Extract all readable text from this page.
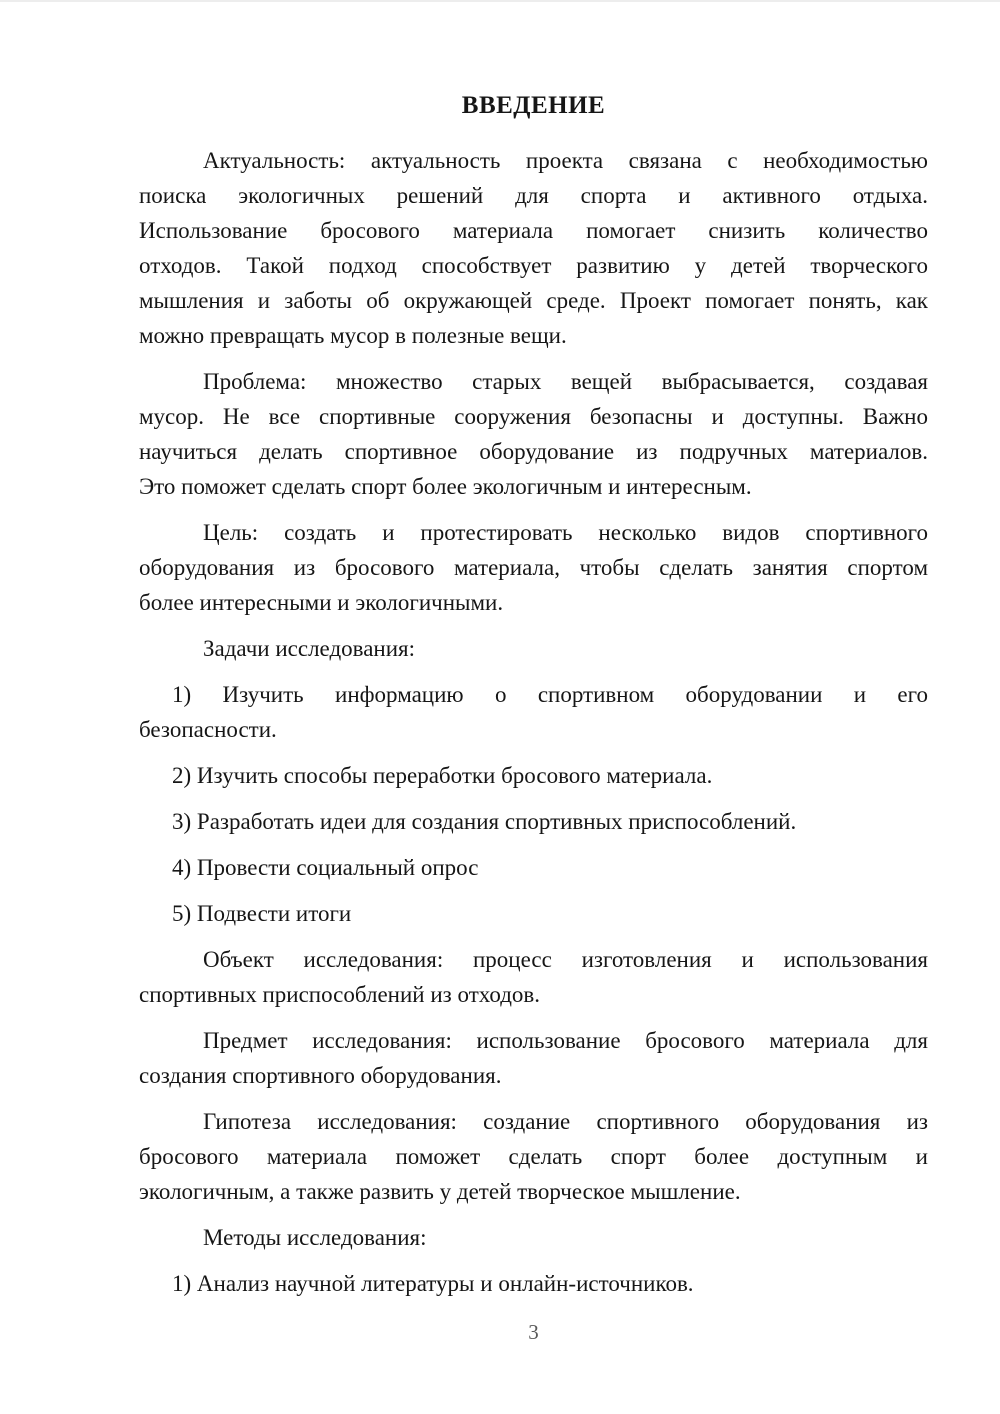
ВВЕДЕНИЕ
Актуальность: актуальность проекта связана с необходимостью
поиска экологичных решений для спорта и активного отдыха.
Использование бросового материала помогает снизить количество
отходов. Такой подход способствует развитию у детей творческого
мышления и заботы об окружающей среде. Проект помогает понять, как
можно превращать мусор в полезные вещи.
Проблема: множество старых вещей выбрасывается, создавая
мусор. Не все спортивные сооружения безопасны и доступны. Важно
научиться делать спортивное оборудование из подручных материалов.
Это поможет сделать спорт более экологичным и интересным.
Цель: создать и протестировать несколько видов спортивного
оборудования из бросового материала, чтобы сделать занятия спортом
более интересными и экологичными.
Задачи исследования:
1) Изучить информацию о спортивном оборудовании и его
безопасности.
2) Изучить способы переработки бросового материала.
3) Разработать идеи для создания спортивных приспособлений.
4) Провести социальный опрос
5) Подвести итоги
Объект исследования: процесс изготовления и использования
спортивных приспособлений из отходов.
Предмет исследования: использование бросового материала для
создания спортивного оборудования.
Гипотеза исследования: создание спортивного оборудования из
бросового материала поможет сделать спорт более доступным и
экологичным, а также развить у детей творческое мышление.
Методы исследования:
1) Анализ научной литературы и онлайн-источников.
3
